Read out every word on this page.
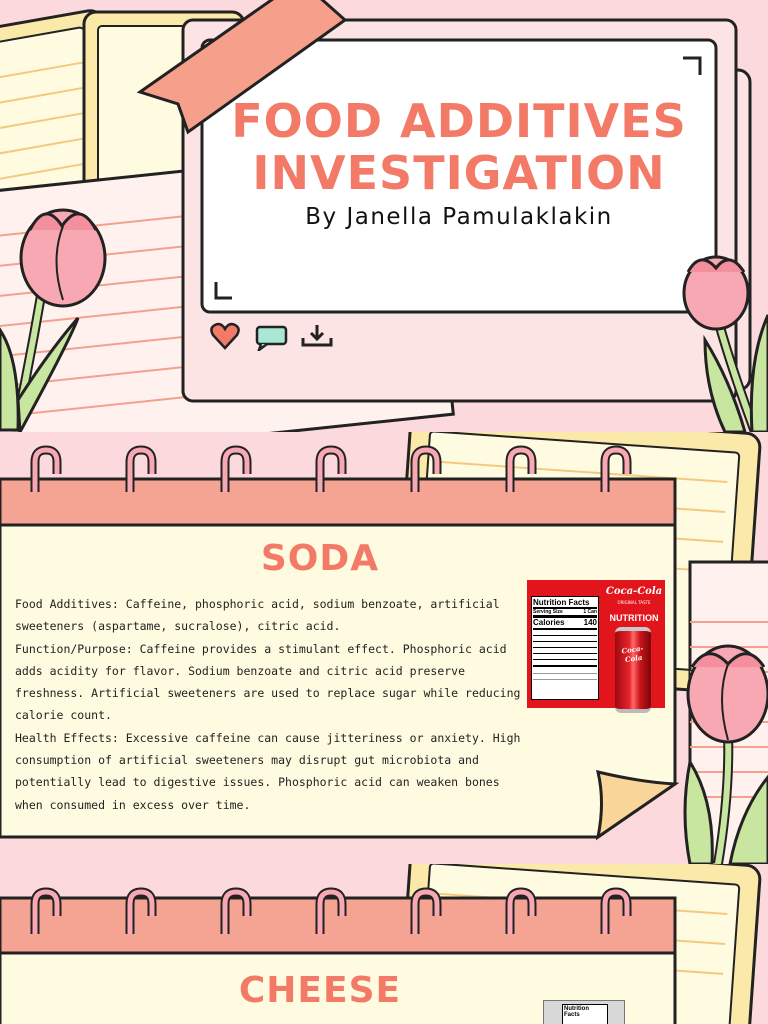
FOOD ADDITIVES
INVESTIGATION
By Janella Pamulaklakin
SODA
Food Additives: Caffeine, phosphoric acid, sodium benzoate, artificial
sweeteners (aspartame, sucralose), citric acid.
Function/Purpose: Caffeine provides a stimulant effect. Phosphoric acid
adds acidity for flavor. Sodium benzoate and citric acid preserve
freshness. Artificial sweeteners are used to replace sugar while reducing
calorie count.
Health Effects: Excessive caffeine can cause jitteriness or anxiety. High
consumption of artificial sweeteners may disrupt gut microbiota and
potentially lead to digestive issues. Phosphoric acid can weaken bones
when consumed in excess over time.
Nutrition Facts
Serving Size	1 Can
Calories 140
Coca-Cola
ORIGINAL TASTE
NUTRITION
Coca-Cola
CHEESE	Nutrition Facts
